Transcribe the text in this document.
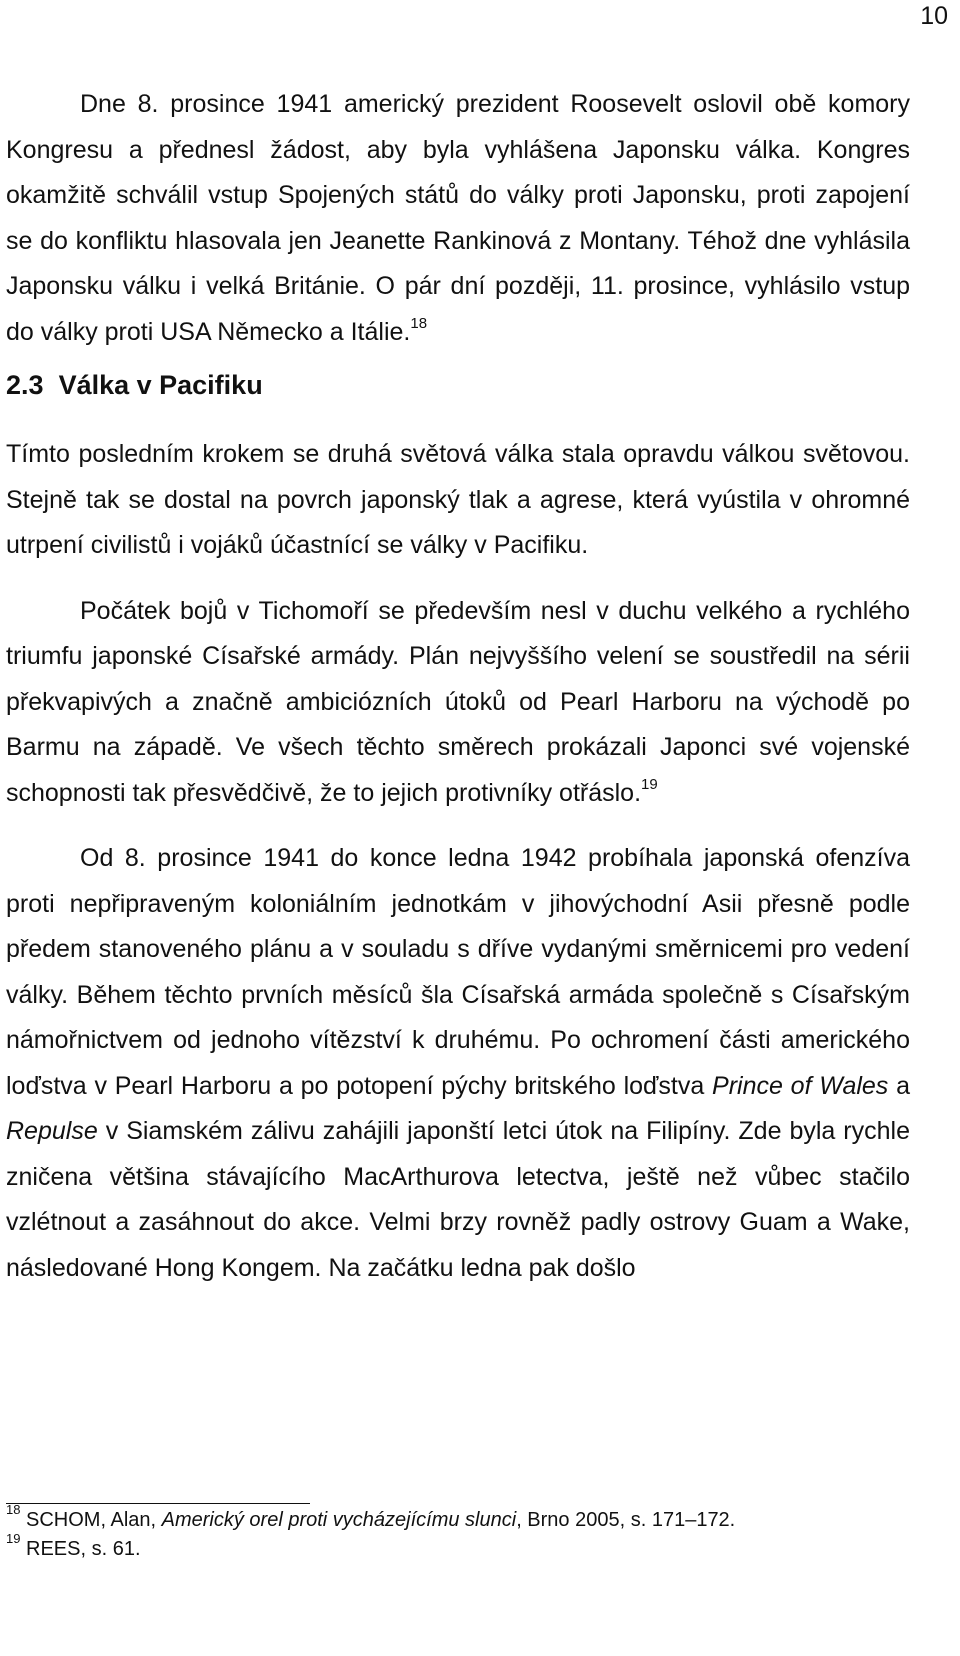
10

Dne 8. prosince 1941 americký prezident Roosevelt oslovil obě komory Kongresu a přednesl žádost, aby byla vyhlášena Japonsku válka. Kongres okamžitě schválil vstup Spojených států do války proti Japonsku, proti zapojení se do konfliktu hlasovala jen Jeanette Rankinová z Montany. Téhož dne vyhlásila Japonsku válku i velká Británie. O pár dní později, 11. prosince, vyhlásilo vstup do války proti USA Německo a Itálie.$^{18}$

2.3 Válka v Pacifiku

Tímto posledním krokem se druhá světová válka stala opravdu válkou světovou. Stejně tak se dostal na povrch japonský tlak a agrese, která vyústila v ohromné utrpení civilistů i vojáků účastnící se války v Pacifiku.

Počátek bojů v Tichomoří se především nesl v duchu velkého a rychlého triumfu japonské Císařské armády. Plán nejvyššího velení se soustředil na sérii překvapivých a značně ambiciózních útoků od Pearl Harboru na východě po Barmu na západě. Ve všech těchto směrech prokázali Japonci své vojenské schopnosti tak přesvědčivě, že to jejich protivníky otřáslo.$^{19}$

Od 8. prosince 1941 do konce ledna 1942 probíhala japonská ofenzíva proti nepřipraveným koloniálním jednotkám v jihovýchodní Asii přesně podle předem stanoveného plánu a v souladu s dříve vydanými směrnicemi pro vedení války. Během těchto prvních měsíců šla Císařská armáda společně s Císařským námořnictvem od jednoho vítězství k druhému. Po ochromení části amerického loďstva v Pearl Harboru a po potopení pýchy britského loďstva Prince of Wales a Repulse v Siamském zálivu zahájili japonští letci útok na Filipíny. Zde byla rychle zničena většina stávajícího MacArthurova letectva, ještě než vůbec stačilo vzlétnout a zasáhnout do akce. Velmi brzy rovněž padly ostrovy Guam a Wake, následované Hong Kongem. Na začátku ledna pak došlo

$^{18}$ SCHOM, Alan, Americký orel proti vycházejícímu slunci, Brno 2005, s. 171–172.
$^{19}$ REES, s. 61.
